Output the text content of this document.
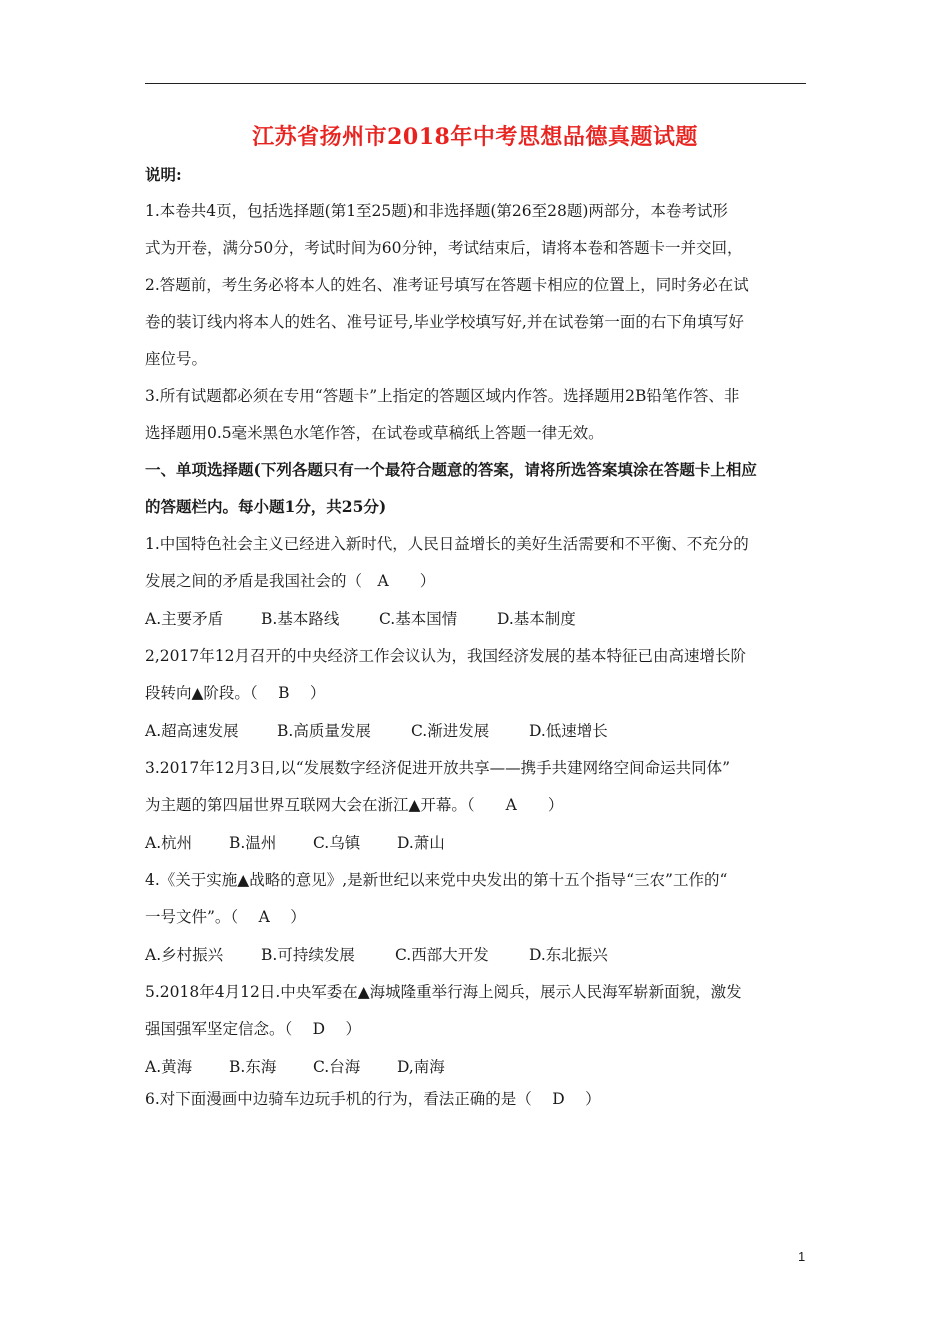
江苏省扬州市2018年中考思想品德真题试题
说明:
1.本卷共4页，包括选择题(第1至25题)和非选择题(第26至28题)两部分，本卷考试形
式为开卷，满分50分，考试时间为60分钟，考试结束后，请将本卷和答题卡一并交回，
2.答题前，考生务必将本人的姓名、准考证号填写在答题卡相应的位置上，同时务必在试
卷的装订线内将本人的姓名、准号证号,毕业学校填写好,并在试卷第一面的右下角填写好
座位号。
3.所有试题都必须在专用“答题卡”上指定的答题区域内作答。选择题用2B铅笔作答、非
选择题用0.5毫米黑色水笔作答，在试卷或草稿纸上答题一律无效。
一、单项选择题(下列各题只有一个最符合题意的答案，请将所选答案填涂在答题卡上相应
的答题栏内。每小题1分，共25分)
1.中国特色社会主义已经进入新时代，人民日益增长的美好生活需要和不平衡、不充分的
发展之间的矛盾是我国社会的（　A　　）
A.主要矛盾 B.基本路线	C.基本国情	D.基本制度
2,2017年12月召开的中央经济工作会议认为，我国经济发展的基本特征已由高速增长阶
段转向▲阶段。（　 B　 ）
A.超高速发展 B.高质量发展	C.渐进发展	D.低速增长
3.2017年12月3日,以“发展数字经济促进开放共享——携手共建网络空间命运共同体”
为主题的第四届世界互联网大会在浙江▲开幕。（　　A　　）
A.杭州 B.温州 C.乌镇 D.萧山
4.《关于实施▲战略的意见》,是新世纪以来党中央发出的第十五个指导“三农”工作的“
一号文件”。（　 A　 ）
A.乡村振兴 B.可持续发展	C.西部大开发	D.东北振兴
5.2018年4月12日.中央军委在▲海城隆重举行海上阅兵，展示人民海军崭新面貌，激发
强国强军坚定信念。（　 D　 ）
A.黄海 B.东海 C.台海 D,南海
6.对下面漫画中边骑车边玩手机的行为，看法正确的是（　 D　 ）
1
